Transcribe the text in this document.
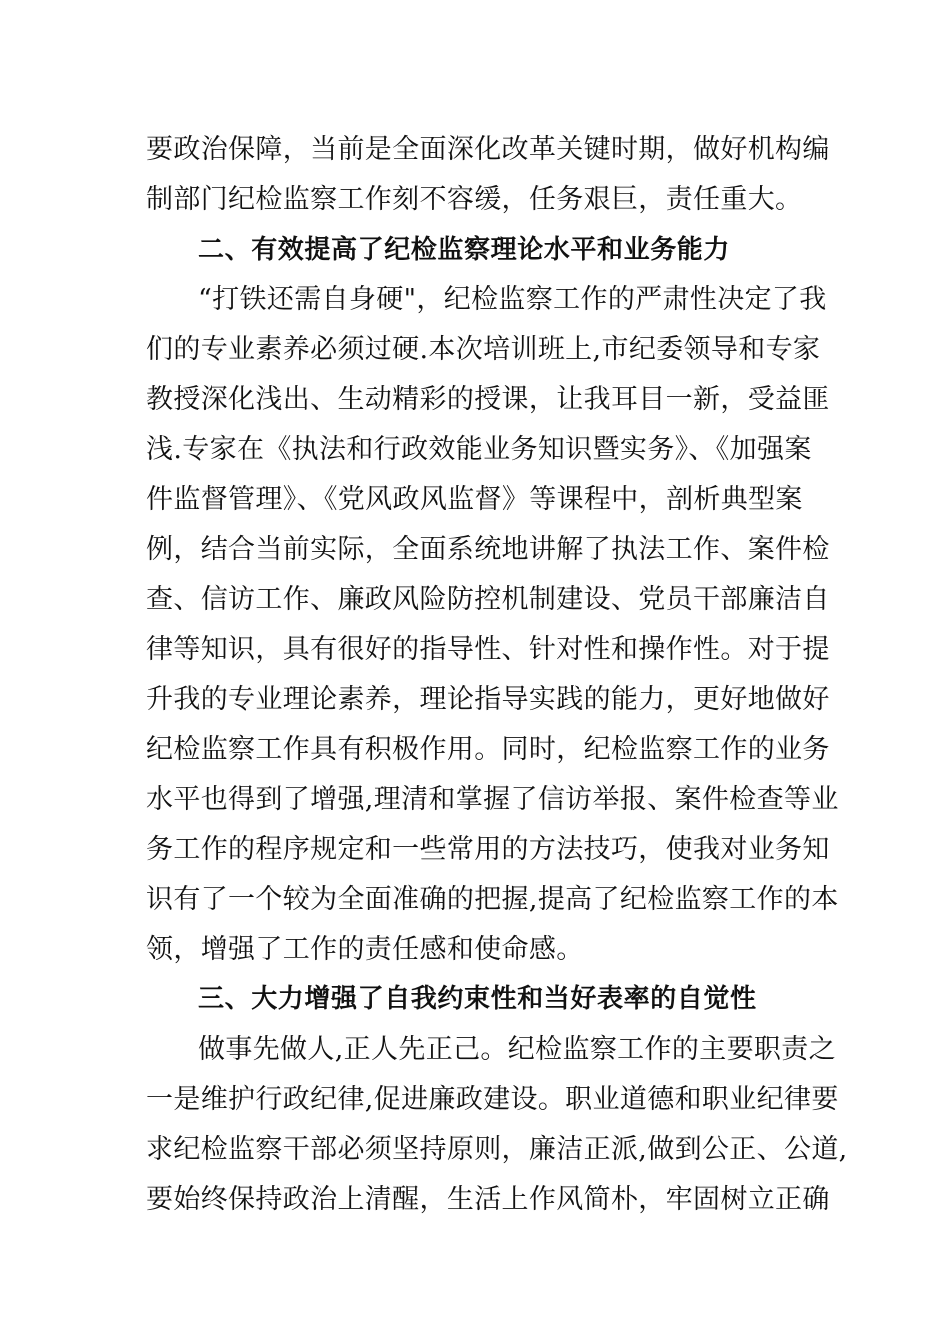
要政治保障，当前是全面深化改革关键时期，做好机构编

制部门纪检监察工作刻不容缓，任务艰巨，责任重大。

二、有效提高了纪检监察理论水平和业务能力

“打铁还需自身硬"，纪检监察工作的严肃性决定了我

们的专业素养必须过硬.本次培训班上,市纪委领导和专家

教授深化浅出、生动精彩的授课，让我耳目一新，受益匪

浅.专家在《执法和行政效能业务知识暨实务》、《加强案

件监督管理》、《党风政风监督》等课程中，剖析典型案

例，结合当前实际，全面系统地讲解了执法工作、案件检

查、信访工作、廉政风险防控机制建设、党员干部廉洁自

律等知识，具有很好的指导性、针对性和操作性。对于提

升我的专业理论素养，理论指导实践的能力，更好地做好

纪检监察工作具有积极作用。同时，纪检监察工作的业务

水平也得到了增强,理清和掌握了信访举报、案件检查等业

务工作的程序规定和一些常用的方法技巧，使我对业务知

识有了一个较为全面准确的把握,提高了纪检监察工作的本

领，增强了工作的责任感和使命感。

三、大力增强了自我约束性和当好表率的自觉性

做事先做人,正人先正己。纪检监察工作的主要职责之

一是维护行政纪律,促进廉政建设。职业道德和职业纪律要

求纪检监察干部必须坚持原则，廉洁正派,做到公正、公道,

要始终保持政治上清醒，生活上作风简朴，牢固树立正确
